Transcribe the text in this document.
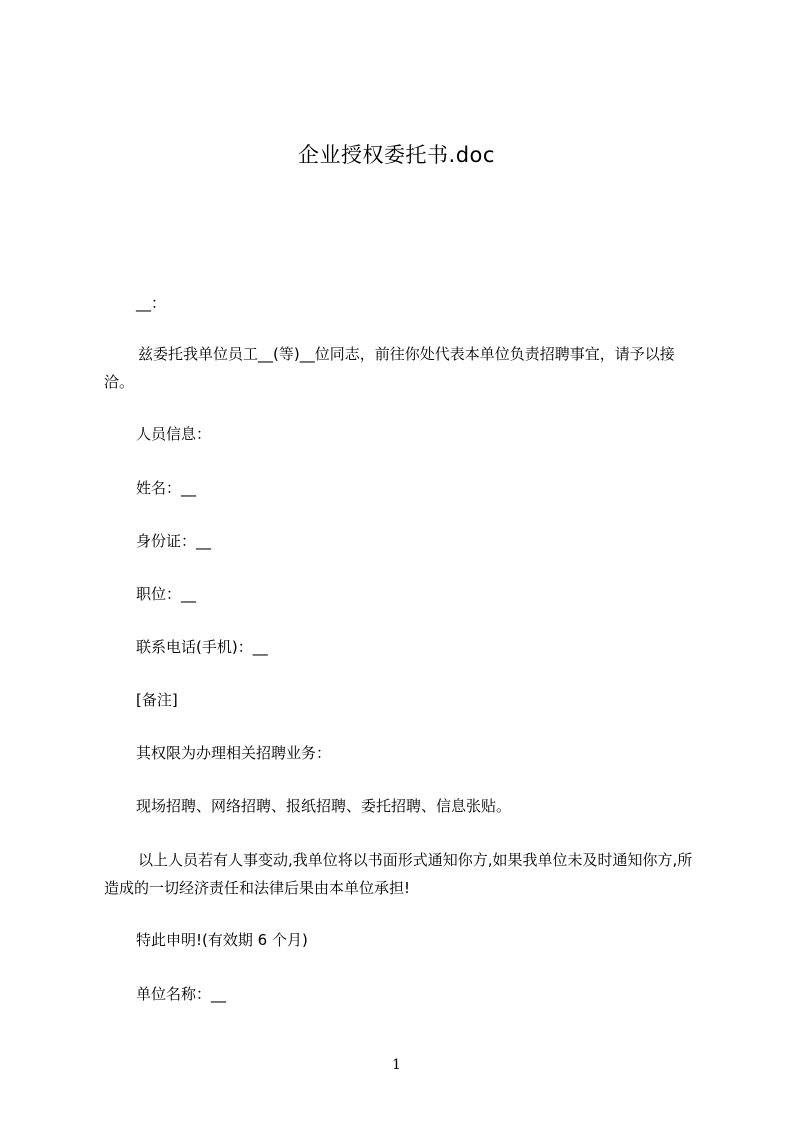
企业授权委托书.doc
__：
兹委托我单位员工__(等)__位同志，前往你处代表本单位负责招聘事宜，请予以接洽。
人员信息：
姓名：__
身份证：__
职位：__
联系电话(手机)：__
[备注]
其权限为办理相关招聘业务：
现场招聘、网络招聘、报纸招聘、委托招聘、信息张贴。
以上人员若有人事变动,我单位将以书面形式通知你方,如果我单位未及时通知你方,所造成的一切经济责任和法律后果由本单位承担!
特此申明!(有效期 6 个月)
单位名称：__
1
